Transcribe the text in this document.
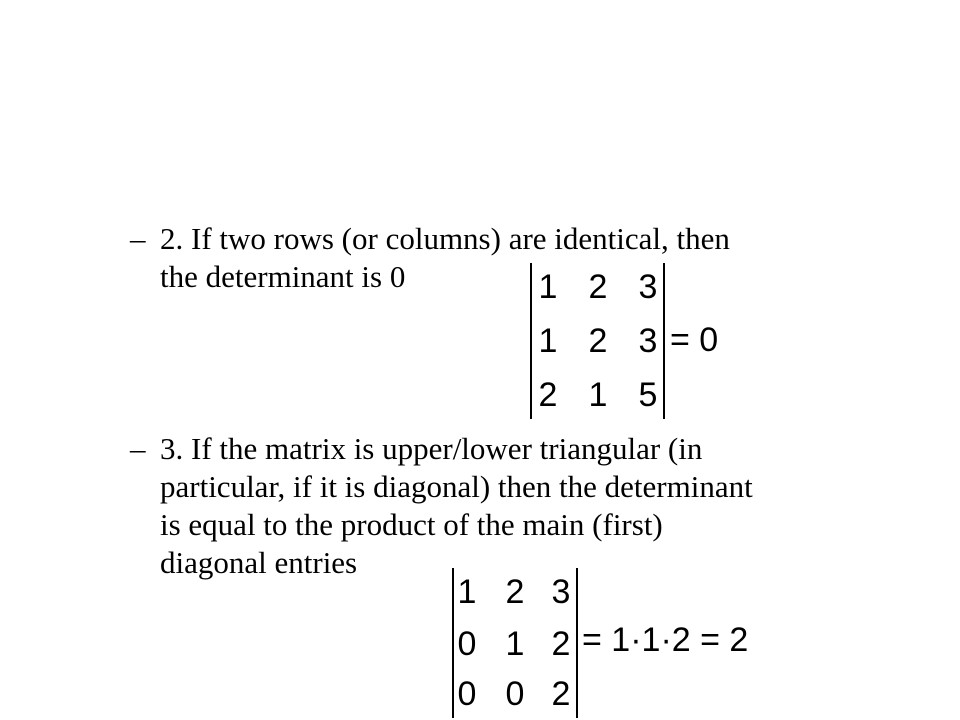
– 2. If two rows (or columns) are identical, then
the determinant is 0	1 2 3
1 2 3
2 1 5
= 0
– 3. If the matrix is upper/lower triangular (in
particular, if it is diagonal) then the determinant
is equal to the product of the main (first)
diagonal entries
1 2 3
0 1 2
0 0 2
= 1·1·2 = 2
